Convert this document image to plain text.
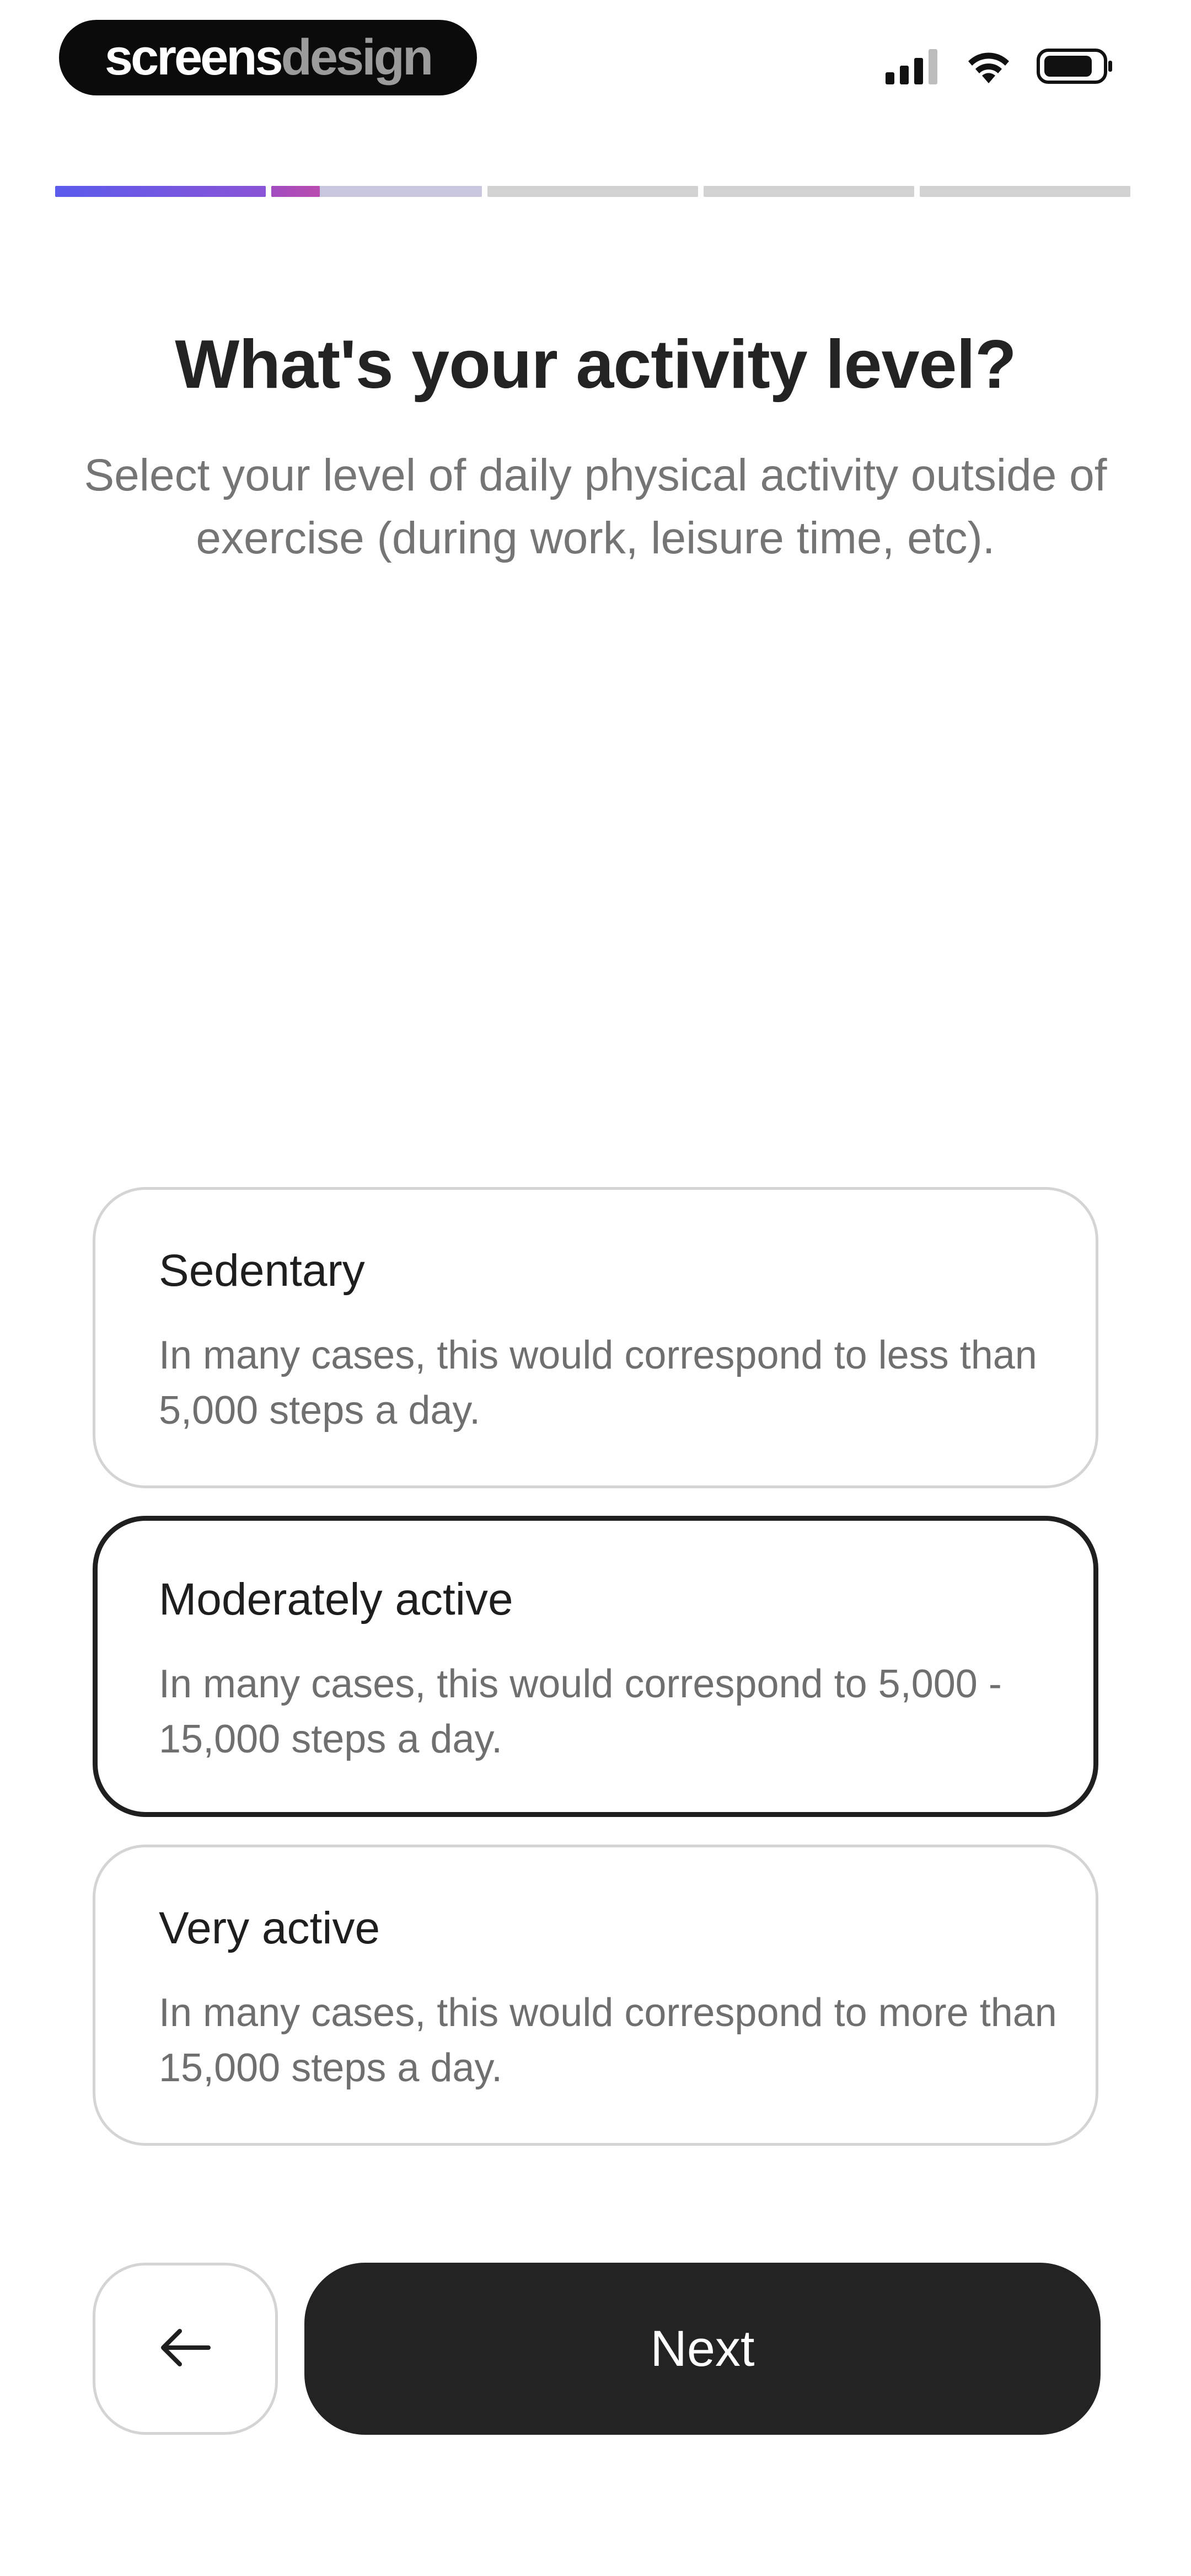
screens design
What's your activity level?
Select your level of daily physical activity outside of exercise (during work, leisure time, etc).
Sedentary
In many cases, this would correspond to less than 5,000 steps a day.
Moderately active
In many cases, this would correspond to 5,000 - 15,000 steps a day.
Very active
In many cases, this would correspond to more than 15,000 steps a day.
Next
